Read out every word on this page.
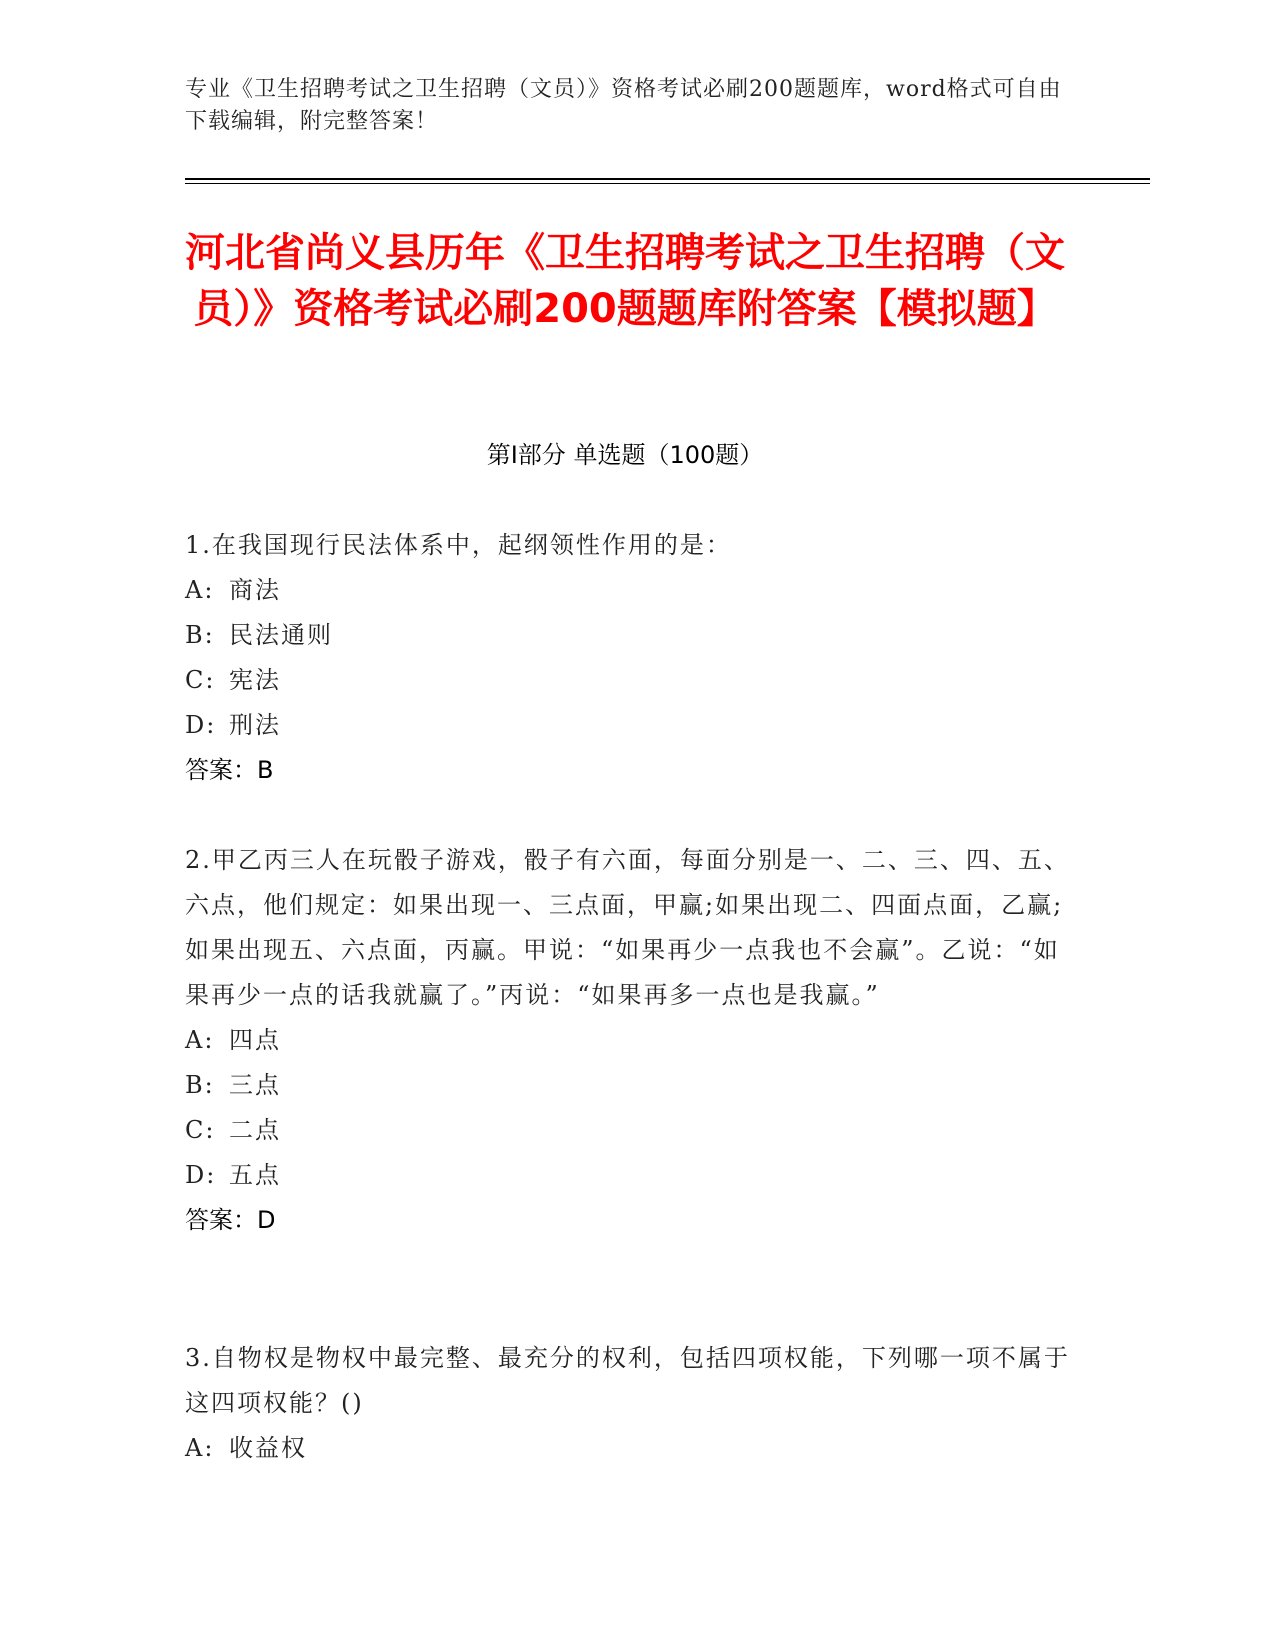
专业《卫生招聘考试之卫生招聘（文员）》资格考试必刷200题题库，word格式可自由下载编辑，附完整答案！
河北省尚义县历年《卫生招聘考试之卫生招聘（文员）》资格考试必刷200题题库附答案【模拟题】
第I部分 单选题（100题）

1.在我国现行民法体系中，起纲领性作用的是：

A: 商法

B: 民法通则

C: 宪法

D: 刑法

答案：B

2.甲乙丙三人在玩骰子游戏，骰子有六面，每面分别是一、二、三、四、五、六点，他们规定：如果出现一、三点面，甲赢;如果出现二、四面点面，乙赢;如果出现五、六点面，丙赢。甲说：“如果再少一点我也不会赢”。乙说：“如果再少一点的话我就赢了。”丙说：“如果再多一点也是我赢。”

A: 四点

B: 三点

C: 二点

D: 五点

答案：D

3.自物权是物权中最完整、最充分的权利，包括四项权能，下列哪一项不属于这四项权能？()

A: 收益权
